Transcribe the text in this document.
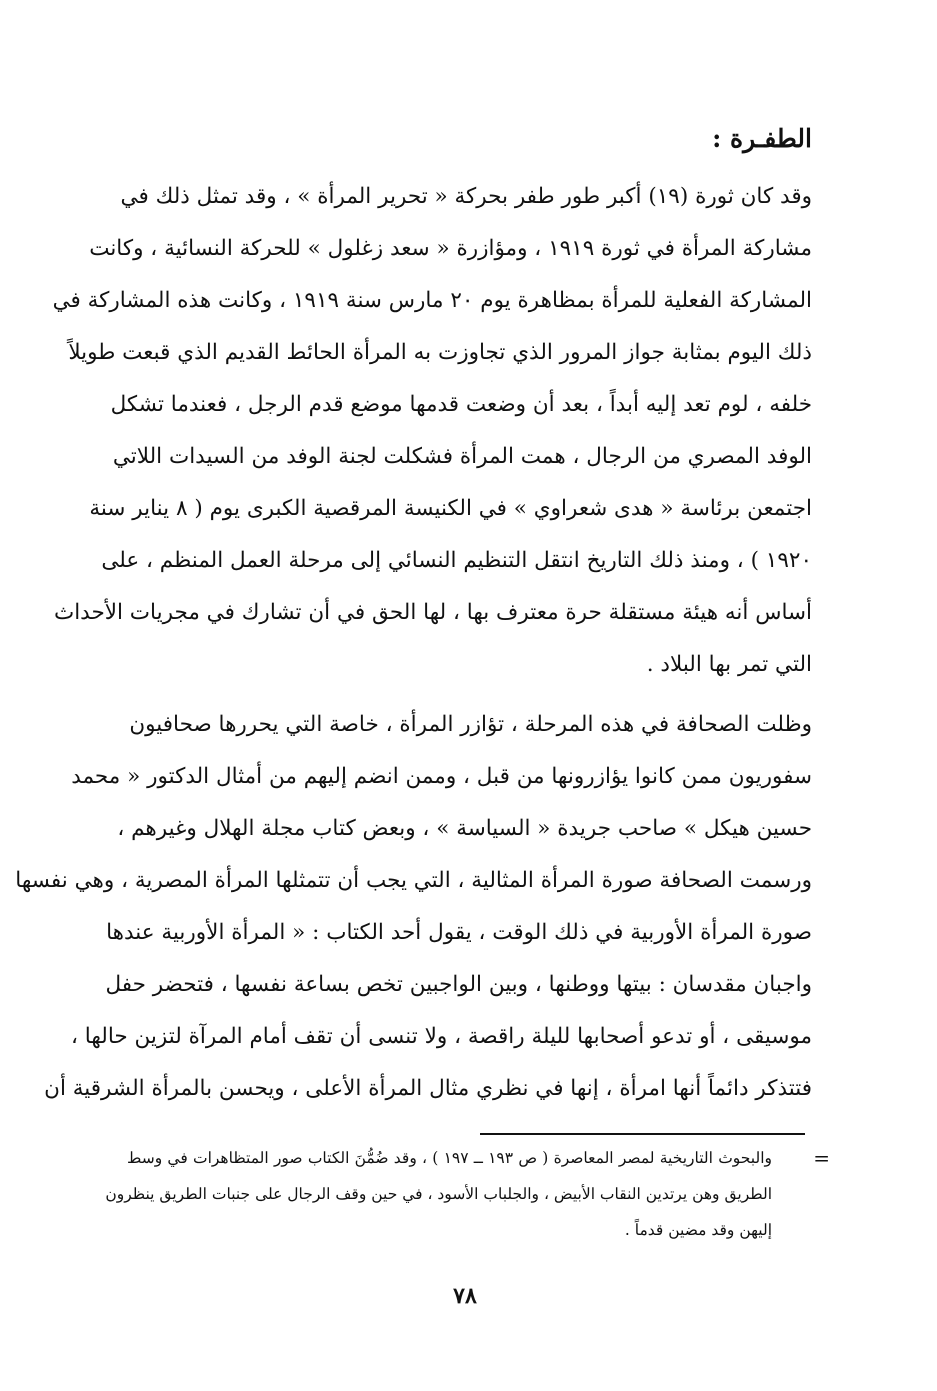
الطفـرة :
وقد كان ثورة (١٩) أكبر طور طفر بحركة « تحرير المرأة » ، وقد تمثل ذلك في
مشاركة المرأة في ثورة ١٩١٩ ، ومؤازرة « سعد زغلول » للحركة النسائية ، وكانت
المشاركة الفعلية للمرأة بمظاهرة يوم ٢٠ مارس سنة ١٩١٩ ، وكانت هذه المشاركة في
ذلك اليوم بمثابة جواز المرور الذي تجاوزت به المرأة الحائط القديم الذي قبعت طويلاً
خلفه ، لوم تعد إليه أبداً ، بعد أن وضعت قدمها موضع قدم الرجل ، فعندما تشكل
الوفد المصري من الرجال ، همت المرأة فشكلت لجنة الوفد من السيدات اللاتي
اجتمعن برئاسة « هدى شعراوي » في الكنيسة المرقصية الكبرى يوم ( ٨ يناير سنة
١٩٢٠ ) ، ومنذ ذلك التاريخ انتقل التنظيم النسائي إلى مرحلة العمل المنظم ، على
أساس أنه هيئة مستقلة حرة معترف بها ، لها الحق في أن تشارك في مجريات الأحداث
التي تمر بها البلاد .
وظلت الصحافة في هذه المرحلة ، تؤازر المرأة ، خاصة التي يحررها صحافيون
سفوريون ممن كانوا يؤازرونها من قبل ، وممن انضم إليهم من أمثال الدكتور « محمد
حسين هيكل » صاحب جريدة « السياسة » ، وبعض كتاب مجلة الهلال وغيرهم ،
ورسمت الصحافة صورة المرأة المثالية ، التي يجب أن تتمثلها المرأة المصرية ، وهي نفسها
صورة المرأة الأوربية في ذلك الوقت ، يقول أحد الكتاب : « المرأة الأوربية عندها
واجبان مقدسان : بيتها ووطنها ، وبين الواجبين تخص بساعة نفسها ، فتحضر حفل
موسيقى ، أو تدعو أصحابها لليلة راقصة ، ولا تنسى أن تقف أمام المرآة لتزين حالها ،
فتتذكر دائماً أنها امرأة ، إنها في نظري مثال المرأة الأعلى ، ويحسن بالمرأة الشرقية أن
=
والبحوث التاريخية لمصر المعاصرة ( ص ١٩٣ ــ ١٩٧ ) ، وقد ضُمُّنَ الكتاب صور المتظاهرات في وسط
الطريق وهن يرتدين النقاب الأبيض ، والجلباب الأسود ، في حين وقف الرجال على جنبات الطريق ينظرون
إليهن وقد مضين قدماً .
٧٨
